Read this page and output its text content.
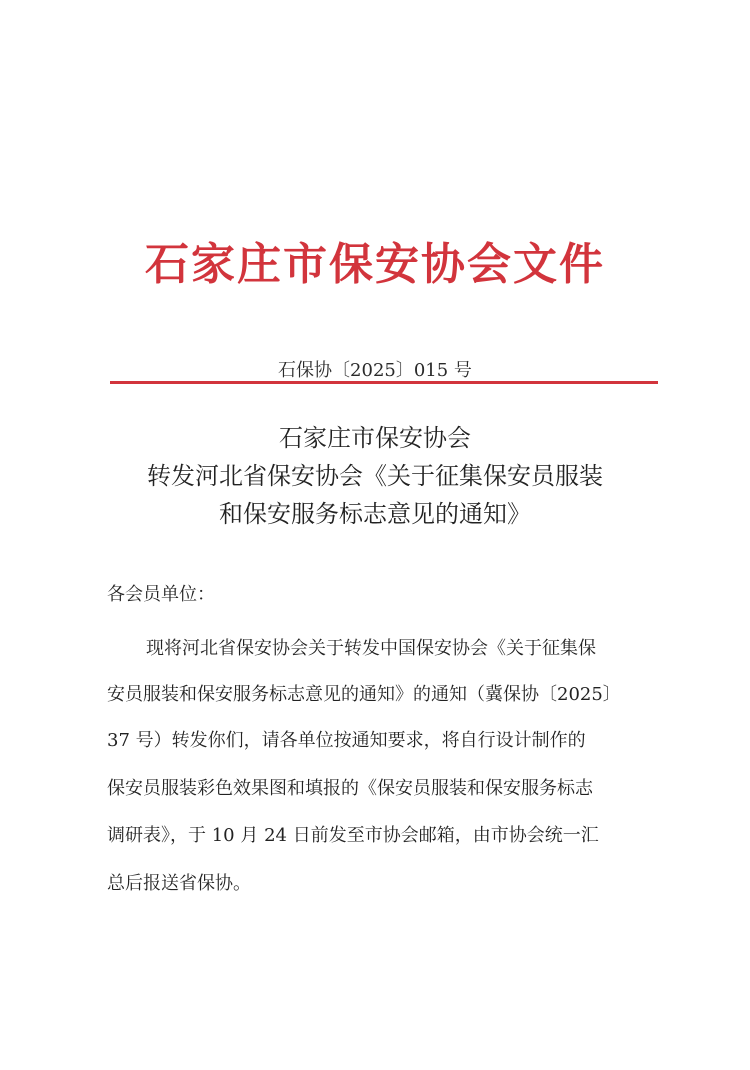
石家庄市保安协会文件
石保协〔2025〕015 号
石家庄市保安协会
转发河北省保安协会《关于征集保安员服装
和保安服务标志意见的通知》
各会员单位：
现将河北省保安协会关于转发中国保安协会《关于征集保
安员服装和保安服务标志意见的通知》的通知（冀保协〔2025〕
37 号）转发你们，请各单位按通知要求，将自行设计制作的
保安员服装彩色效果图和填报的《保安员服装和保安服务标志
调研表》，于 10 月 24 日前发至市协会邮箱，由市协会统一汇
总后报送省保协。
